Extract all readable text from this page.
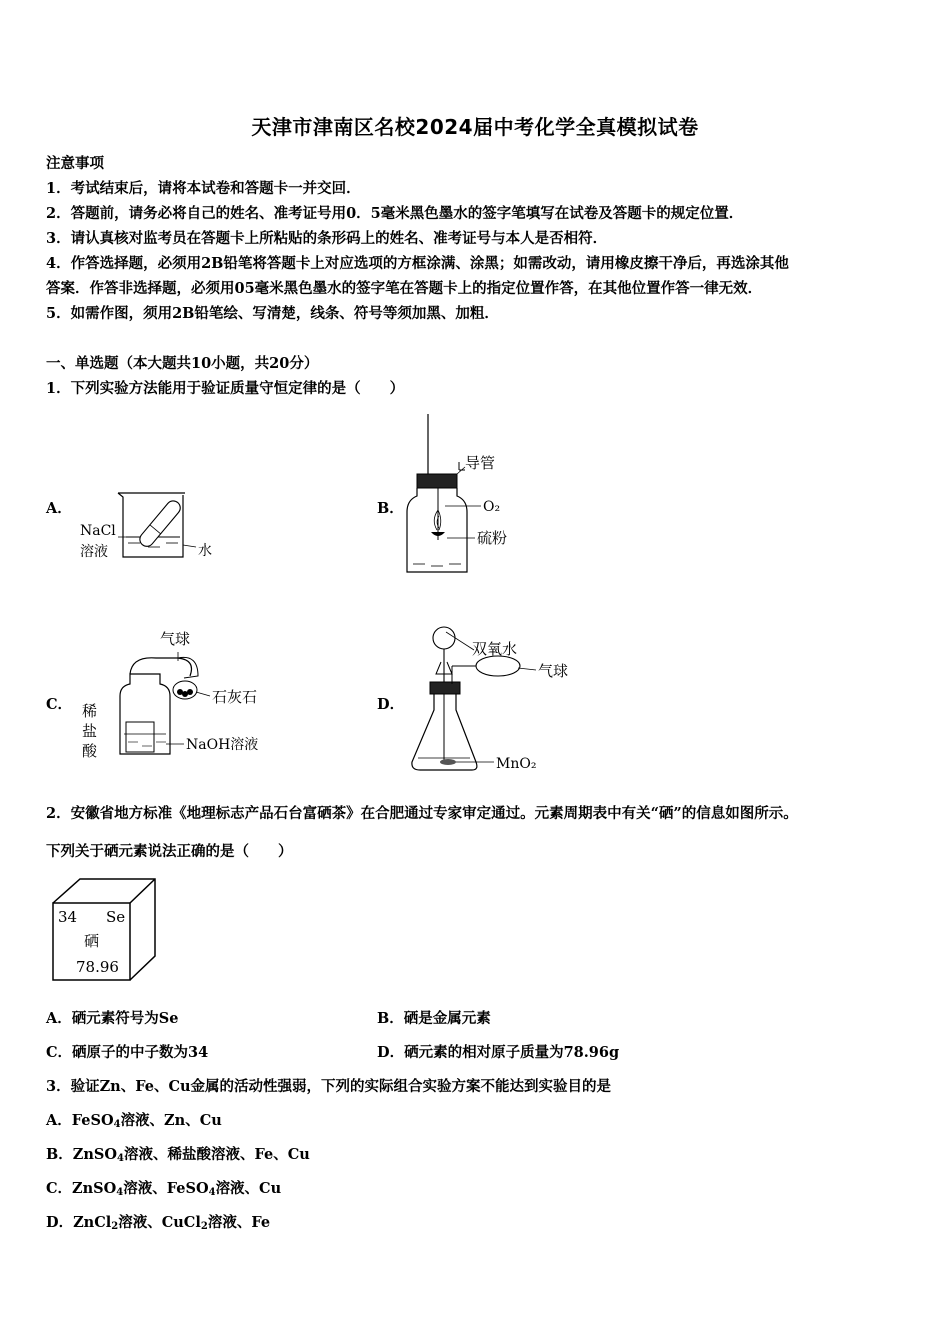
天津市津南区名校2024届中考化学全真模拟试卷
注意事项
1．考试结束后，请将本试卷和答题卡一并交回．
2．答题前，请务必将自己的姓名、准考证号用0．5毫米黑色墨水的签字笔填写在试卷及答题卡的规定位置．
3．请认真核对监考员在答题卡上所粘贴的条形码上的姓名、准考证号与本人是否相符．
4．作答选择题，必须用2B铅笔将答题卡上对应选项的方框涂满、涂黑；如需改动，请用橡皮擦干净后，再选涂其他
答案．作答非选择题，必须用05毫米黑色墨水的签字笔在答题卡上的指定位置作答，在其他位置作答一律无效．
5．如需作图，须用2B铅笔绘、写清楚，线条、符号等须加黑、加粗．
一、单选题（本大题共10小题，共20分）
1．下列实验方法能用于验证质量守恒定律的是（　　）
A．	B．
C．	D．
NaCl
溶液	水
导管
O₂
硫粉
气球
石灰石
稀
盐
酸	NaOH溶液
双氧水
气球
MnO₂
2．安徽省地方标准《地理标志产品石台富硒茶》在合肥通过专家审定通过。元素周期表中有关“硒”的信息如图所示。
下列关于硒元素说法正确的是（　　）
34 Se
硒
78.96
A．硒元素符号为Se	B．硒是金属元素
C．硒原子的中子数为34	D．硒元素的相对原子质量为78.96g
3．验证Zn、Fe、Cu金属的活动性强弱，下列的实际组合实验方案不能达到实验目的是
A．FeSO$_4$溶液、Zn、Cu
B．ZnSO$_4$溶液、稀盐酸溶液、Fe、Cu
C．ZnSO$_4$溶液、FeSO$_4$溶液、Cu
D．ZnCl$_2$溶液、CuCl$_2$溶液、Fe
